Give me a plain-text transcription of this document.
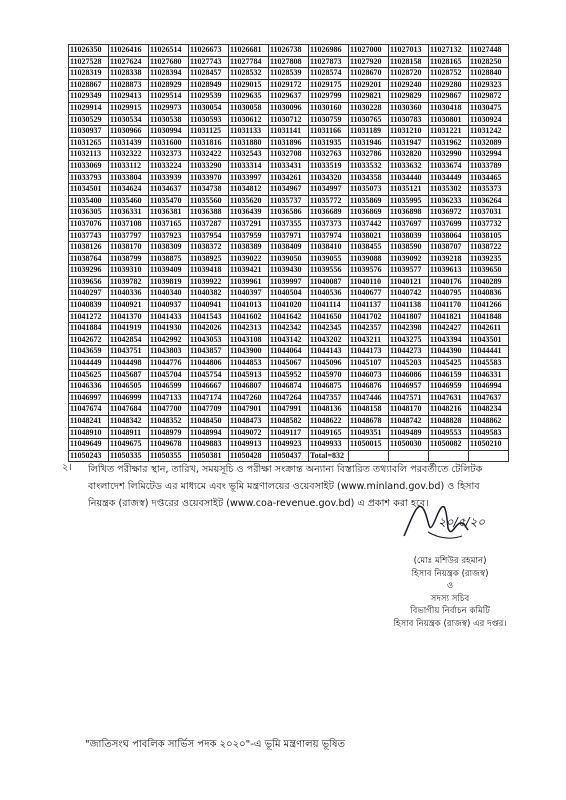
11026350	11026416	11026514	11026673	11026681	11026738	11026986	11027000	11027013	11027132	11027448
11027528	11027624	11027680	11027743	11027784	11027808	11027873	11027920	11028158	11028165	11028250
11028319	11028338	11028394	11028457	11028532	11028539	11028574	11028670	11028720	11028752	11028840
11028867	11028873	11028929	11028949	11029015	11029172	11029175	11029201	11029240	11029280	11029323
11029349	11029413	11029514	11029539	11029635	11029637	11029799	11029821	11029829	11029867	11029872
11029914	11029915	11029973	11030054	11030058	11030096	11030160	11030228	11030360	11030418	11030475
11030529	11030534	11030538	11030593	11030612	11030712	11030759	11030765	11030783	11030801	11030924
11030937	11030966	11030994	11031125	11031133	11031141	11031166	11031189	11031210	11031221	11031242
11031265	11031439	11031600	11031816	11031880	11031896	11031935	11031946	11031947	11031962	11032089
11032113	11032322	11032373	11032422	11032543	11032708	11032763	11032786	11032820	11032990	11032994
11033069	11033112	11033224	11033290	11033314	11033431	11033519	11033532	11033632	11033674	11033789
11033793	11033804	11033939	11033970	11033997	11034261	11034320	11034358	11034440	11034449	11034465
11034501	11034624	11034637	11034738	11034812	11034967	11034997	11035073	11035121	11035302	11035373
11035400	11035460	11035470	11035560	11035620	11035737	11035772	11035869	11035995	11036233	11036264
11036305	11036331	11036381	11036388	11036439	11036586	11036689	11036869	11036898	11036972	11037031
11037076	11037108	11037165	11037287	11037291	11037355	11037373	11037442	11037697	11037699	11037732
11037743	11037797	11037923	11037954	11037959	11037971	11037974	11038021	11038039	11038064	11038105
11038126	11038170	11038309	11038372	11038389	11038409	11038410	11038455	11038590	11038707	11038722
11038764	11038799	11038875	11038925	11039022	11039050	11039055	11039088	11039092	11039218	11039235
11039296	11039310	11039409	11039418	11039421	11039430	11039556	11039576	11039577	11039613	11039650
11039656	11039782	11039819	11039922	11039961	11039997	11040087	11040110	11040121	11040176	11040289
11040297	11040336	11040340	11040382	11040397	11040504	11040536	11040677	11040742	11040795	11040836
11040839	11040921	11040937	11040941	11041013	11041020	11041114	11041137	11041138	11041170	11041266
11041272	11041370	11041433	11041543	11041602	11041642	11041650	11041702	11041807	11041821	11041848
11041884	11041919	11041930	11042026	11042313	11042342	11042345	11042357	11042398	11042427	11042611
11042672	11042854	11042992	11043053	11043108	11043142	11043202	11043211	11043275	11043394	11043501
11043659	11043751	11043803	11043857	11043900	11044064	11044143	11044173	11044273	11044390	11044441
11044449	11044498	11044776	11044806	11044853	11045067	11045096	11045107	11045203	11045425	11045583
11045625	11045687	11045704	11045754	11045913	11045952	11045970	11046073	11046086	11046159	11046331
11046336	11046505	11046599	11046667	11046807	11046874	11046875	11046876	11046957	11046959	11046994
11046997	11046999	11047133	11047174	11047260	11047264	11047357	11047446	11047571	11047631	11047637
11047674	11047684	11047700	11047709	11047901	11047991	11048136	11048158	11048170	11048216	11048234
11048241	11048342	11048352	11048450	11048473	11048582	11048622	11048678	11048742	11048828	11048862
11048910	11048911	11048979	11048994	11049072	11049117	11049165	11049351	11049489	11049553	11049583
11049649	11049675	11049678	11049883	11049913	11049923	11049933	11050015	11050030	11050082	11050210
11050243	11050335	11050355	11050381	11050428	11050437	Total=832				
২। লিখিত পরীক্ষার স্থান, তারিখ, সময়সূচি ও পরীক্ষা সংক্রান্ত অন্যান্য বিস্তারিত তথ্যাবলি পরবর্তীতে টেলিটক বাংলাদেশ লিমিটেড এর মাধ্যমে এবং ভূমি মন্ত্রণালয়ের ওয়েবসাইট (www.minland.gov.bd) ও হিসাব নিয়ন্ত্রক (রাজস্ব) দপ্তরের ওয়েবসাইট (www.coa-revenue.gov.bd) এ প্রকাশ করা হবে।
২০/৫/২০
(মোঃ মশিউর রহমান)
হিসাব নিয়ন্ত্রক (রাজস্ব)
ও
সদস্য সচিব
বিভাগীয় নির্বাচন কমিটি
হিসাব নিয়ন্ত্রক (রাজস্ব) এর দপ্তর।
"জাতিসংঘ পাবলিক সার্ভিস পদক ২০২০"-এ ভূমি মন্ত্রণালয় ভূষিত
